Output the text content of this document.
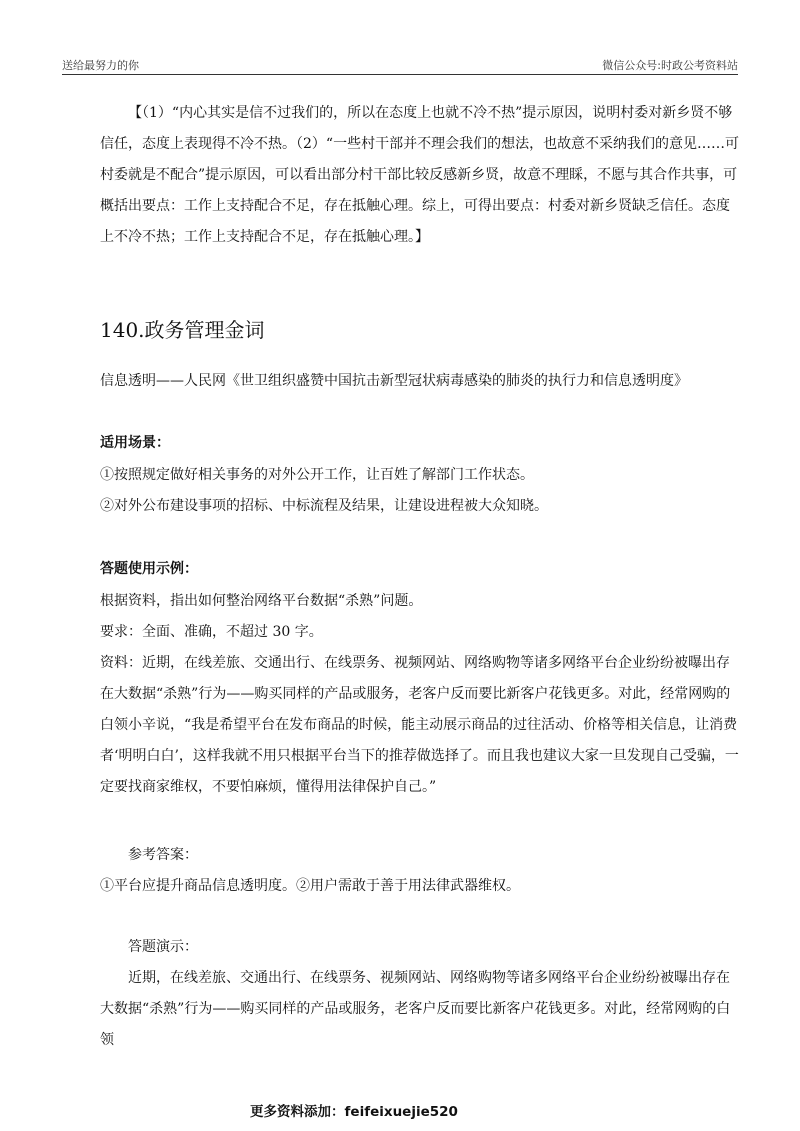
送给最努力的你	微信公众号:时政公考资料站

【（1）“内心其实是信不过我们的，所以在态度上也就不冷不热”提示原因，说明村委对新乡贤不够信任，态度上表现得不冷不热。（2）“一些村干部并不理会我们的想法，也故意不采纳我们的意见……可村委就是不配合”提示原因，可以看出部分村干部比较反感新乡贤，故意不理睬，不愿与其合作共事，可概括出要点：工作上支持配合不足，存在抵触心理。综上，可得出要点：村委对新乡贤缺乏信任。态度上不冷不热；工作上支持配合不足，存在抵触心理。】

140.政务管理金词

信息透明——人民网《世卫组织盛赞中国抗击新型冠状病毒感染的肺炎的执行力和信息透明度》

适用场景：

①按照规定做好相关事务的对外公开工作，让百姓了解部门工作状态。

②对外公布建设事项的招标、中标流程及结果，让建设进程被大众知晓。

答题使用示例：

根据资料，指出如何整治网络平台数据“杀熟”问题。

要求：全面、准确，不超过 30 字。

资料：近期，在线差旅、交通出行、在线票务、视频网站、网络购物等诸多网络平台企业纷纷被曝出存在大数据“杀熟”行为——购买同样的产品或服务，老客户反而要比新客户花钱更多。对此，经常网购的白领小辛说，“我是希望平台在发布商品的时候，能主动展示商品的过往活动、价格等相关信息，让消费者‘明明白白’，这样我就不用只根据平台当下的推荐做选择了。而且我也建议大家一旦发现自己受骗，一定要找商家维权，不要怕麻烦，懂得用法律保护自己。”

参考答案：

①平台应提升商品信息透明度。②用户需敢于善于用法律武器维权。

答题演示：

近期，在线差旅、交通出行、在线票务、视频网站、网络购物等诸多网络平台企业纷纷被曝出存在大数据“杀熟”行为——购买同样的产品或服务，老客户反而要比新客户花钱更多。对此，经常网购的白领

更多资料添加：feifeixuejie520
